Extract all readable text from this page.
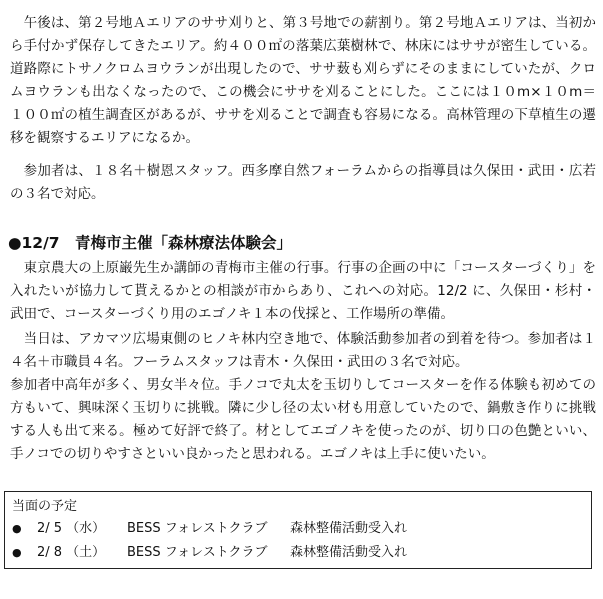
　午後は、第２号地Ａエリアのササ刈りと、第３号地での薪割り。第２号地Ａエリアは、当初から手付かず保存してきたエリア。約４００㎡の落葉広葉樹林で、林床にはササが密生している。道路際にトサノクロムヨウランが出現したので、ササ薮も刈らずにそのままにしていたが、クロムヨウランも出なくなったので、この機会にササを刈ることにした。ここには１０m×１０m＝１００㎡の植生調査区があるが、ササを刈ることで調査も容易になる。高林管理の下草植生の遷移を観察するエリアになるか。

　参加者は、１８名＋樹恩スタッフ。西多摩自然フォーラムからの指導員は久保田・武田・広若の３名で対応。

●12/7　青梅市主催「森林療法体験会」

　東京農大の上原巌先生か講師の青梅市主催の行事。行事の企画の中に「コースターづくり」を入れたいが協力して貰えるかとの相談が市からあり、これへの対応。12/2 に、久保田・杉村・武田で、コースターづくり用のエゴノキ１本の伐採と、工作場所の準備。

　当日は、アカマツ広場東側のヒノキ林内空き地で、体験活動参加者の到着を待つ。参加者は１４名＋市職員４名。フーラムスタッフは青木・久保田・武田の３名で対応。

参加者中高年が多く、男女半々位。手ノコで丸太を玉切りしてコースターを作る体験も初めての方もいて、興味深く玉切りに挑戦。隣に少し径の太い材も用意していたので、鍋敷き作りに挑戦する人も出て来る。極めて好評で終了。材としてエゴノキを使ったのが、切り口の色艶といい、手ノコでの切りやすさといい良かったと思われる。エゴノキは上手に使いたい。

当面の予定
● 2/ 5 （水） BESS フォレストクラブ 森林整備活動受入れ
● 2/ 8 （土） BESS フォレストクラブ 森林整備活動受入れ
